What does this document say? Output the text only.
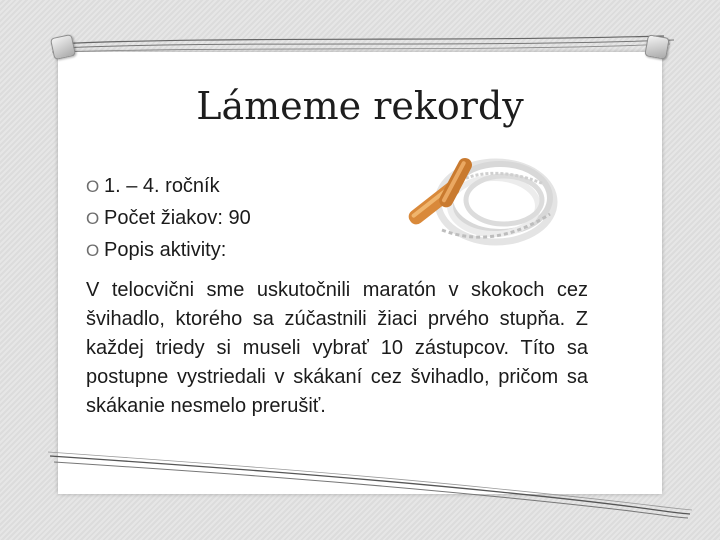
Lámeme rekordy
O 1. – 4. ročník
O Počet žiakov: 90
O Popis aktivity:

V telocvični sme uskutočnili maratón v skokoch cez švihadlo, ktorého sa zúčastnili žiaci prvého stupňa. Z každej triedy si museli vybrať 10 zástupcov. Títo sa postupne vystriedali v skákaní cez švihadlo, pričom sa skákanie nesmelo prerušiť.
